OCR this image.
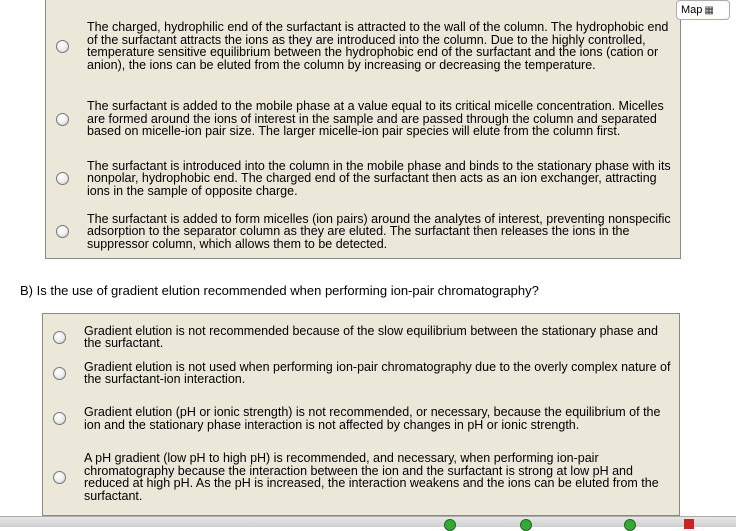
The charged, hydrophilic end of the surfactant is attracted to the wall of the column. The hydrophobic end of the surfactant attracts the ions as they are introduced into the column. Due to the highly controlled, temperature sensitive equilibrium between the hydrophobic end of the surfactant and the ions (cation or anion), the ions can be eluted from the column by increasing or decreasing the temperature.
The surfactant is added to the mobile phase at a value equal to its critical micelle concentration. Micelles are formed around the ions of interest in the sample and are passed through the column and separated based on micelle-ion pair size. The larger micelle-ion pair species will elute from the column first.
The surfactant is introduced into the column in the mobile phase and binds to the stationary phase with its nonpolar, hydrophobic end. The charged end of the surfactant then acts as an ion exchanger, attracting ions in the sample of opposite charge.
The surfactant is added to form micelles (ion pairs) around the analytes of interest, preventing nonspecific adsorption to the separator column as they are eluted. The surfactant then releases the ions in the suppressor column, which allows them to be detected.
Map ▦
B) Is the use of gradient elution recommended when performing ion-pair chromatography?
Gradient elution is not recommended because of the slow equilibrium between the stationary phase and the surfactant.
Gradient elution is not used when performing ion-pair chromatography due to the overly complex nature of the surfactant-ion interaction.
Gradient elution (pH or ionic strength) is not recommended, or necessary, because the equilibrium of the ion and the stationary phase interaction is not affected by changes in pH or ionic strength.
A pH gradient (low pH to high pH) is recommended, and necessary, when performing ion-pair chromatography because the interaction between the ion and the surfactant is strong at low pH and reduced at high pH. As the pH is increased, the interaction weakens and the ions can be eluted from the surfactant.
